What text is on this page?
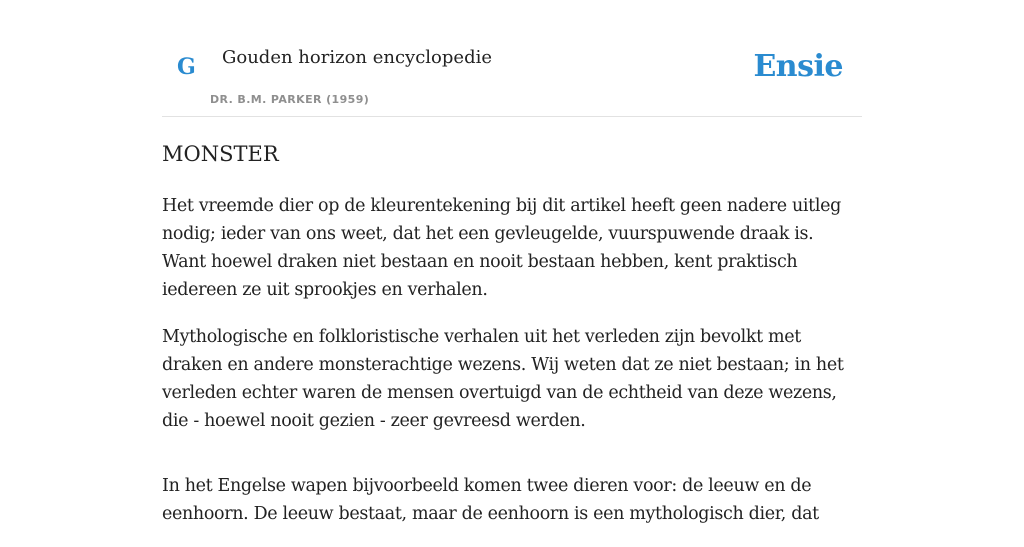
G Gouden horizon encyclopedie
DR. B.M. PARKER (1959)
Ensie
MONSTER

Het vreemde dier op de kleurentekening bij dit artikel heeft geen nadere uitleg nodig; ieder van ons weet, dat het een gevleugelde, vuurspuwende draak is. Want hoewel draken niet bestaan en nooit bestaan hebben, kent praktisch iedereen ze uit sprookjes en verhalen.

Mythologische en folkloristische verhalen uit het verleden zijn bevolkt met draken en andere monsterachtige wezens. Wij weten dat ze niet bestaan; in het verleden echter waren de mensen overtuigd van de echtheid van deze wezens, die - hoewel nooit gezien - zeer gevreesd werden.

In het Engelse wapen bijvoorbeeld komen twee dieren voor: de leeuw en de eenhoorn. De leeuw bestaat, maar de eenhoorn is een mythologisch dier, dat
